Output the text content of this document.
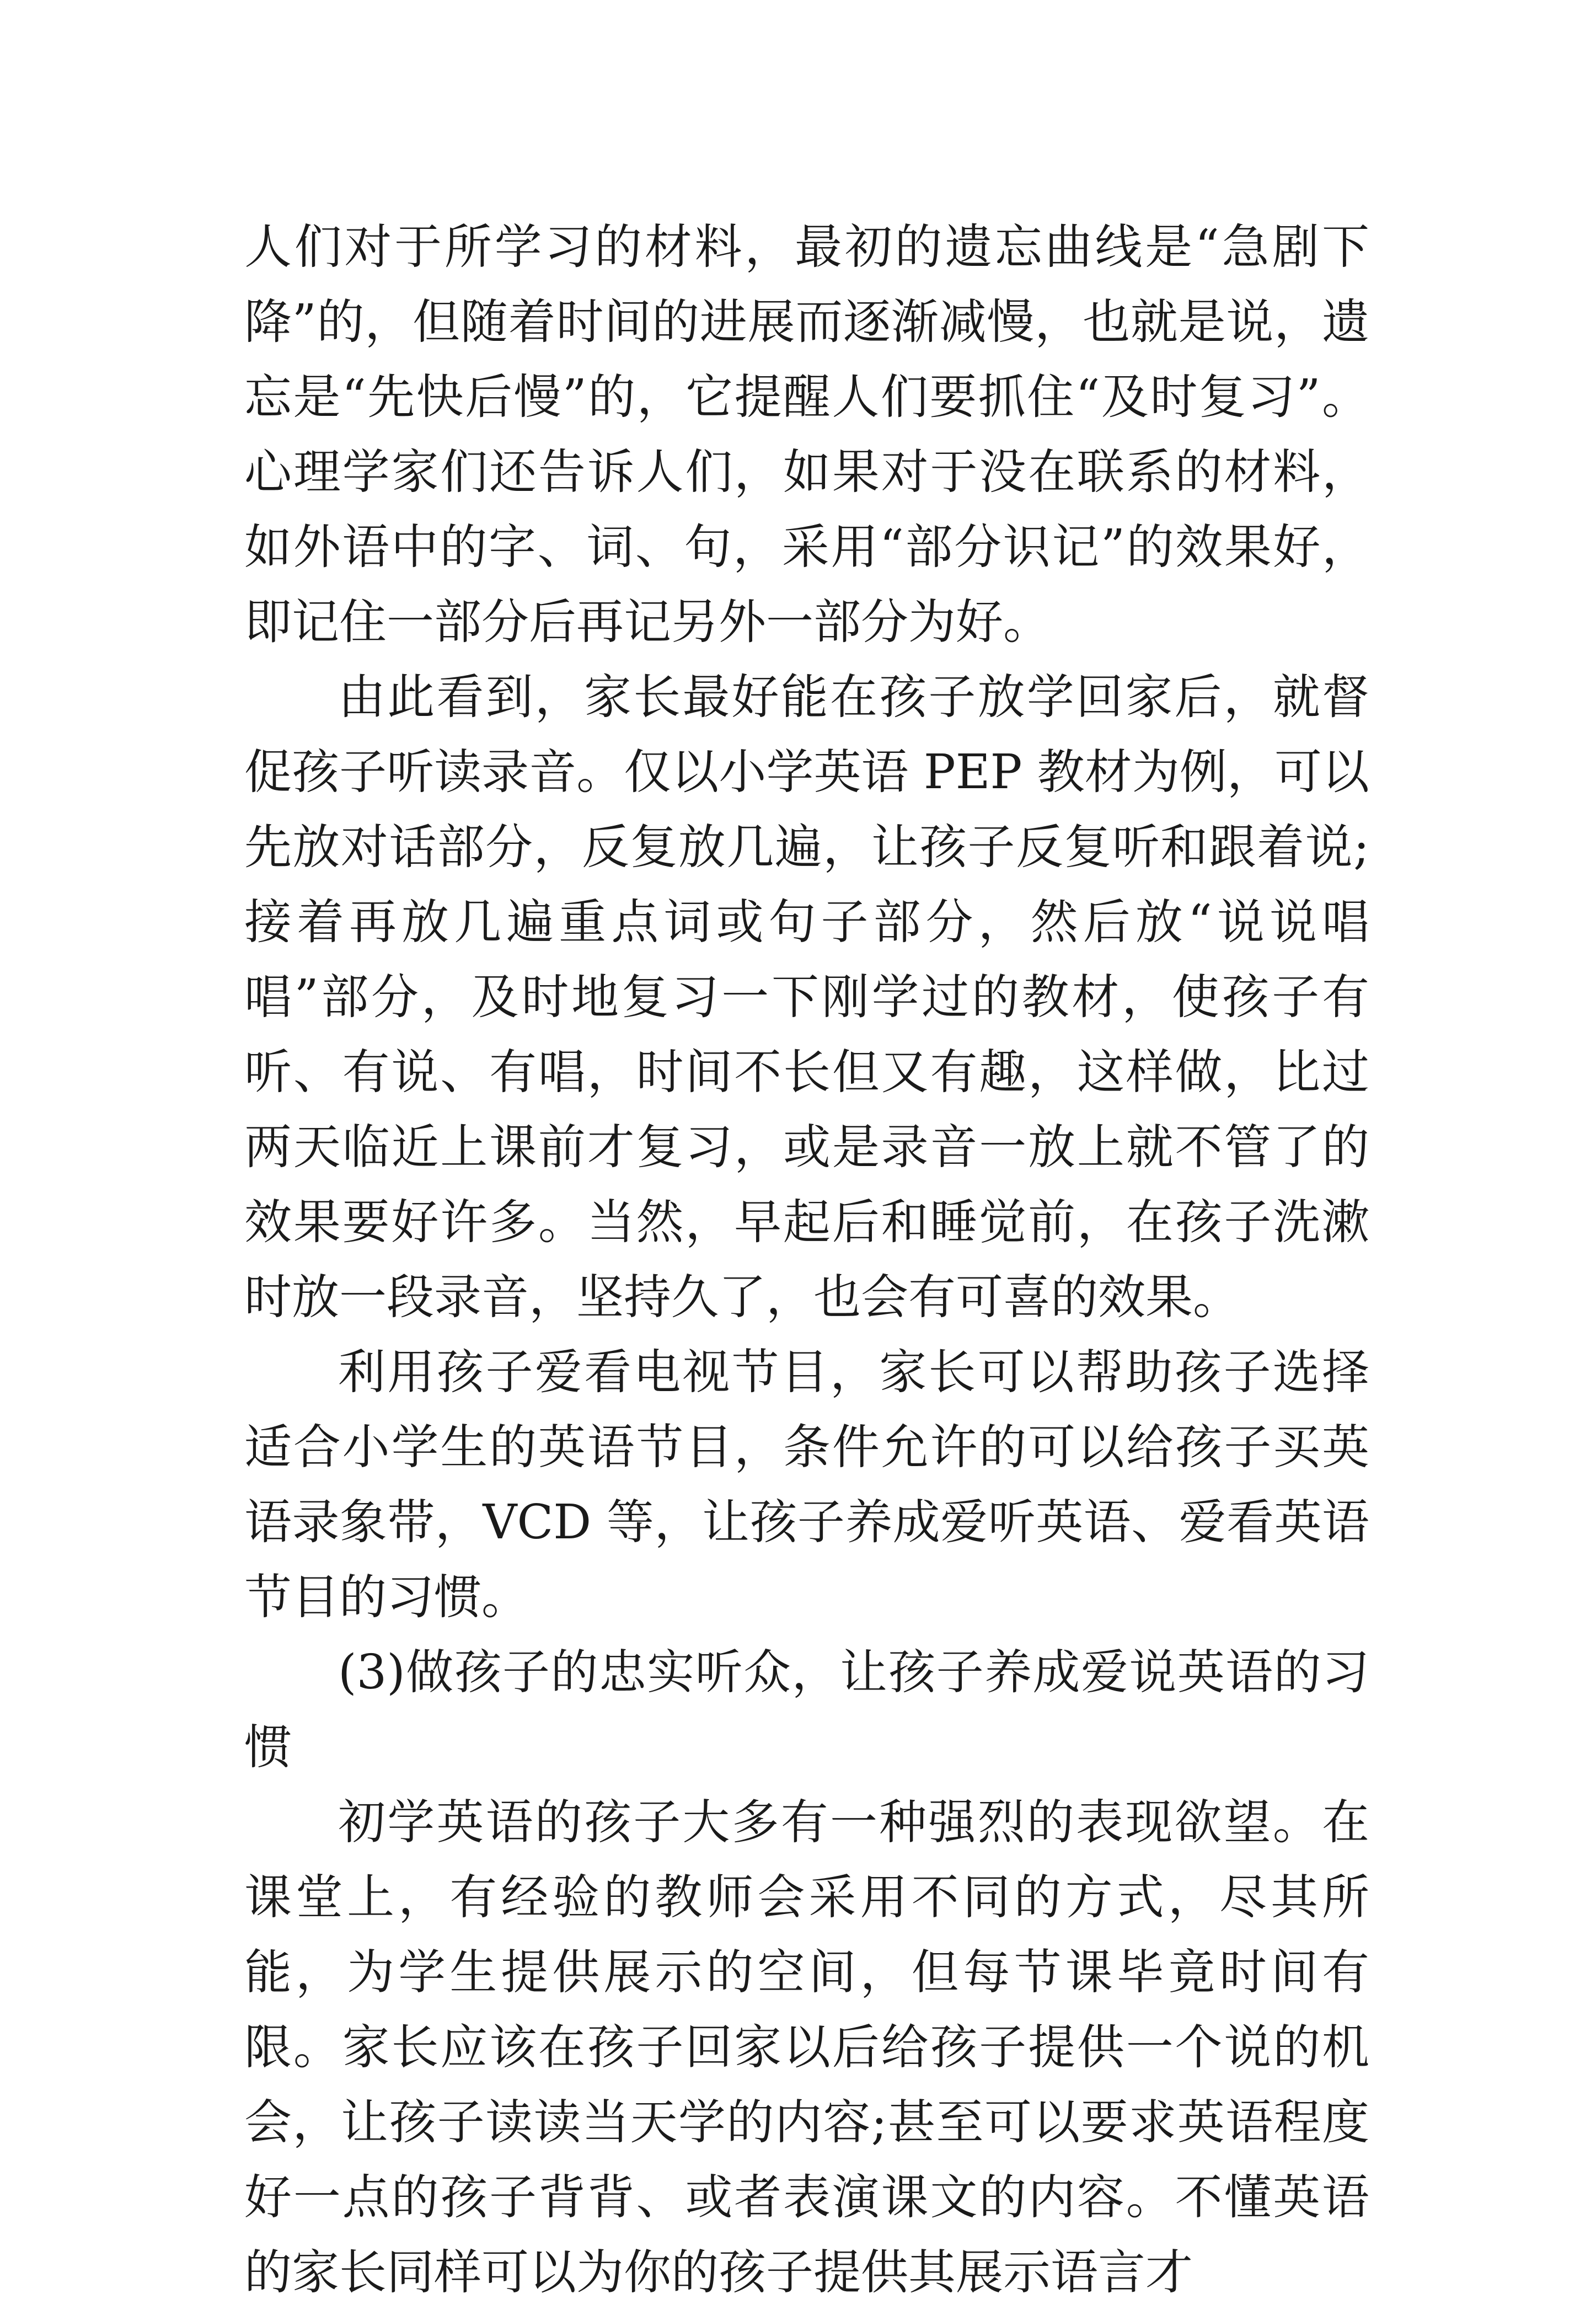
人们对于所学习的材料，最初的遗忘曲线是“急剧下降”的，但随着时间的进展而逐渐减慢，也就是说，遗忘是“先快后慢”的，它提醒人们要抓住“及时复习”。心理学家们还告诉人们，如果对于没在联系的材料，如外语中的字、词、句，采用“部分识记”的效果好，即记住一部分后再记另外一部分为好。

由此看到，家长最好能在孩子放学回家后，就督促孩子听读录音。仅以小学英语 PEP 教材为例，可以先放对话部分，反复放几遍，让孩子反复听和跟着说;接着再放几遍重点词或句子部分，然后放“说说唱唱”部分，及时地复习一下刚学过的教材，使孩子有听、有说、有唱，时间不长但又有趣，这样做，比过两天临近上课前才复习，或是录音一放上就不管了的效果要好许多。当然，早起后和睡觉前，在孩子洗漱时放一段录音，坚持久了，也会有可喜的效果。

利用孩子爱看电视节目，家长可以帮助孩子选择适合小学生的英语节目，条件允许的可以给孩子买英语录象带，VCD 等，让孩子养成爱听英语、爱看英语节目的习惯。

(3)做孩子的忠实听众，让孩子养成爱说英语的习惯

初学英语的孩子大多有一种强烈的表现欲望。在课堂上，有经验的教师会采用不同的方式，尽其所能，为学生提供展示的空间，但每节课毕竟时间有限。家长应该在孩子回家以后给孩子提供一个说的机会，让孩子读读当天学的内容;甚至可以要求英语程度好一点的孩子背背、或者表演课文的内容。不懂英语的家长同样可以为你的孩子提供其展示语言才
